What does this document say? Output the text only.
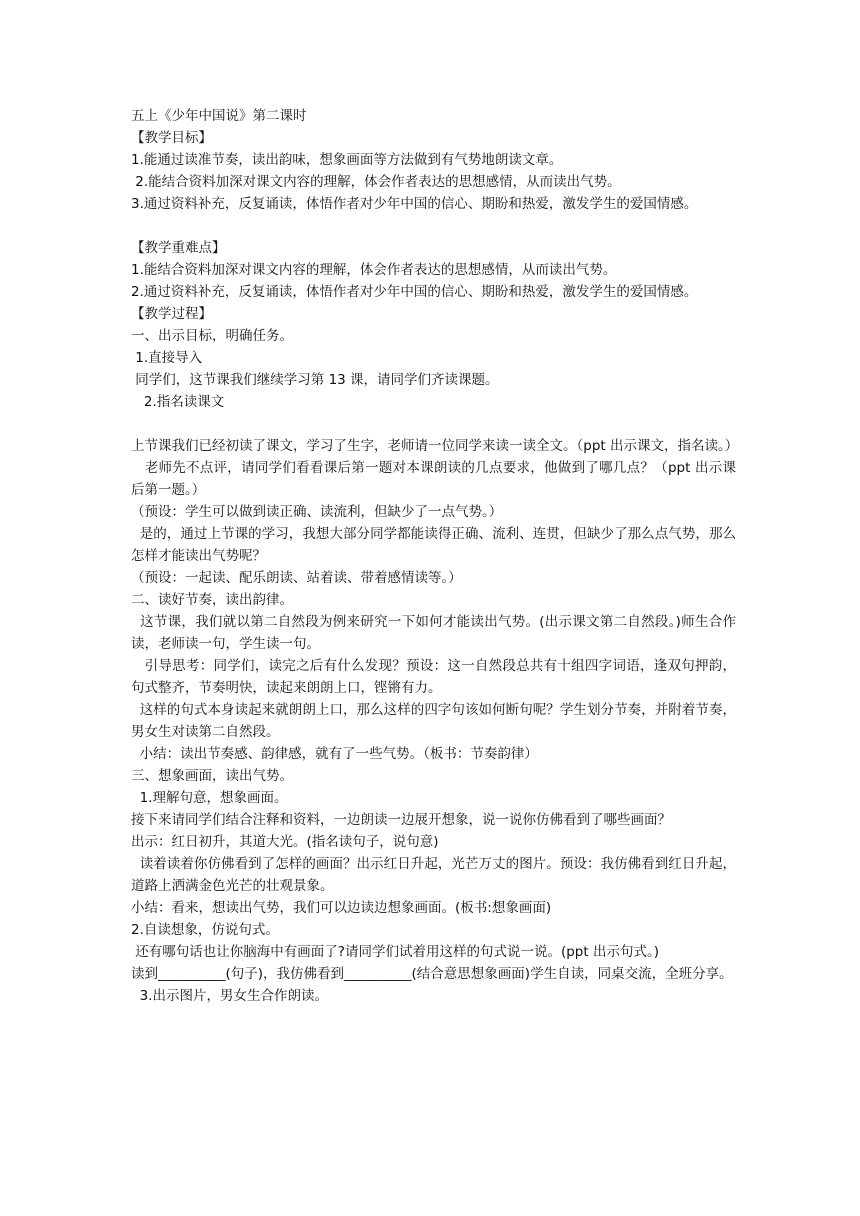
五上《少年中国说》第二课时

【教学目标】

1.能通过读准节奏，读出韵味，想象画面等方法做到有气势地朗读文章。

2.能结合资料加深对课文内容的理解，体会作者表达的思想感情，从而读出气势。

3.通过资料补充，反复诵读，体悟作者对少年中国的信心、期盼和热爱，激发学生的爱国情感。

【教学重难点】

1.能结合资料加深对课文内容的理解，体会作者表达的思想感情，从而读出气势。

2.通过资料补充，反复诵读，体悟作者对少年中国的信心、期盼和热爱，激发学生的爱国情感。

【教学过程】

一、出示目标，明确任务。

1.直接导入

同学们，这节课我们继续学习第 13 课，请同学们齐读课题。

2.指名读课文

上节课我们已经初读了课文，学习了生字，老师请一位同学来读一读全文。（ppt 出示课文，指名读。）

老师先不点评，请同学们看看课后第一题对本课朗读的几点要求，他做到了哪几点？（ppt 出示课后第一题。）

（预设：学生可以做到读正确、读流利，但缺少了一点气势。）

是的，通过上节课的学习，我想大部分同学都能读得正确、流利、连贯，但缺少了那么点气势，那么怎样才能读出气势呢？

（预设：一起读、配乐朗读、站着读、带着感情读等。）

二、读好节奏，读出韵律。

这节课，我们就以第二自然段为例来研究一下如何才能读出气势。(出示课文第二自然段。)师生合作读，老师读一句，学生读一句。

引导思考：同学们，读完之后有什么发现？预设：这一自然段总共有十组四字词语，逢双句押韵，句式整齐，节奏明快，读起来朗朗上口，铿锵有力。

这样的句式本身读起来就朗朗上口，那么这样的四字句该如何断句呢？学生划分节奏，并附着节奏，男女生对读第二自然段。

小结：读出节奏感、韵律感，就有了一些气势。（板书：节奏韵律）

三、想象画面，读出气势。

1.理解句意，想象画面。

接下来请同学们结合注释和资料，一边朗读一边展开想象，说一说你仿佛看到了哪些画面？

出示：红日初升，其道大光。(指名读句子，说句意)

读着读着你仿佛看到了怎样的画面？出示红日升起，光芒万丈的图片。预设：我仿佛看到红日升起，道路上洒满金色光芒的壮观景象。

小结：看来，想读出气势，我们可以边读边想象画面。(板书:想象画面)

2.自读想象，仿说句式。

还有哪句话也让你脑海中有画面了?请同学们试着用这样的句式说一说。(ppt 出示句式。)

读到__________(句子)，我仿佛看到__________(结合意思想象画面)学生自读，同桌交流，全班分享。

3.出示图片，男女生合作朗读。
